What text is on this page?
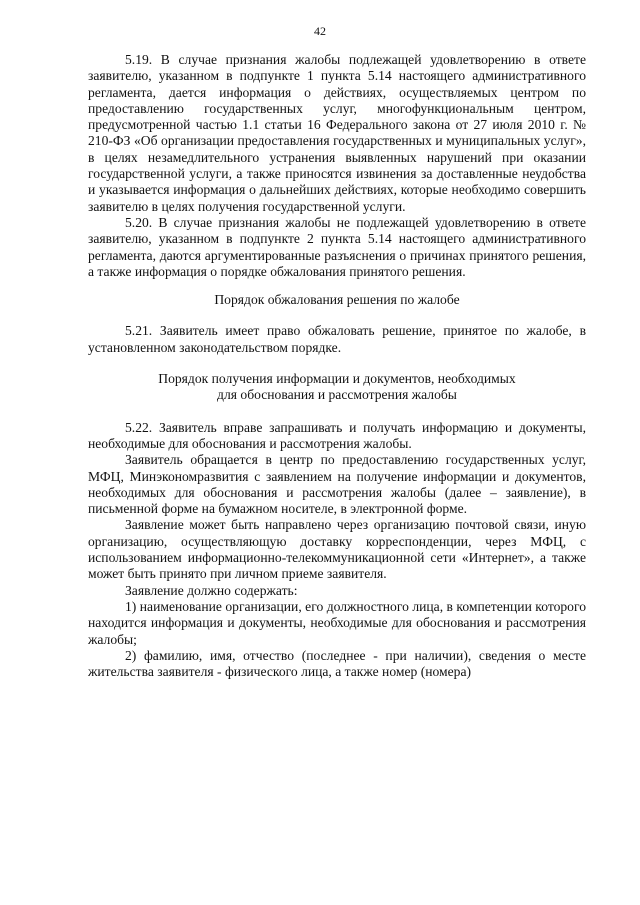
42

5.19. В случае признания жалобы подлежащей удовлетворению в ответе заявителю, указанном в подпункте 1 пункта 5.14 настоящего административного регламента, дается информация о действиях, осуществляемых центром по предоставлению государственных услуг, многофункциональным центром, предусмотренной частью 1.1 статьи 16 Федерального закона от 27 июля 2010 г. № 210-ФЗ «Об организации предоставления государственных и муниципальных услуг», в целях незамедлительного устранения выявленных нарушений при оказании государственной услуги, а также приносятся извинения за доставленные неудобства и указывается информация о дальнейших действиях, которые необходимо совершить заявителю в целях получения государственной услуги.

5.20. В случае признания жалобы не подлежащей удовлетворению в ответе заявителю, указанном в подпункте 2 пункта 5.14 настоящего административного регламента, даются аргументированные разъяснения о причинах принятого решения, а также информация о порядке обжалования принятого решения.

Порядок обжалования решения по жалобе

5.21. Заявитель имеет право обжаловать решение, принятое по жалобе, в установленном законодательством порядке.

Порядок получения информации и документов, необходимых
для обоснования и рассмотрения жалобы

5.22. Заявитель вправе запрашивать и получать информацию и документы, необходимые для обоснования и рассмотрения жалобы.

Заявитель обращается в центр по предоставлению государственных услуг, МФЦ, Минэкономразвития с заявлением на получение информации и документов, необходимых для обоснования и рассмотрения жалобы (далее – заявление), в письменной форме на бумажном носителе, в электронной форме.

Заявление может быть направлено через организацию почтовой связи, иную организацию, осуществляющую доставку корреспонденции, через МФЦ, с использованием информационно-телекоммуникационной сети «Интернет», а также может быть принято при личном приеме заявителя.

Заявление должно содержать:

1) наименование организации, его должностного лица, в компетенции которого находится информация и документы, необходимые для обоснования и рассмотрения жалобы;

2) фамилию, имя, отчество (последнее - при наличии), сведения о месте жительства заявителя - физического лица, а также номер (номера)
